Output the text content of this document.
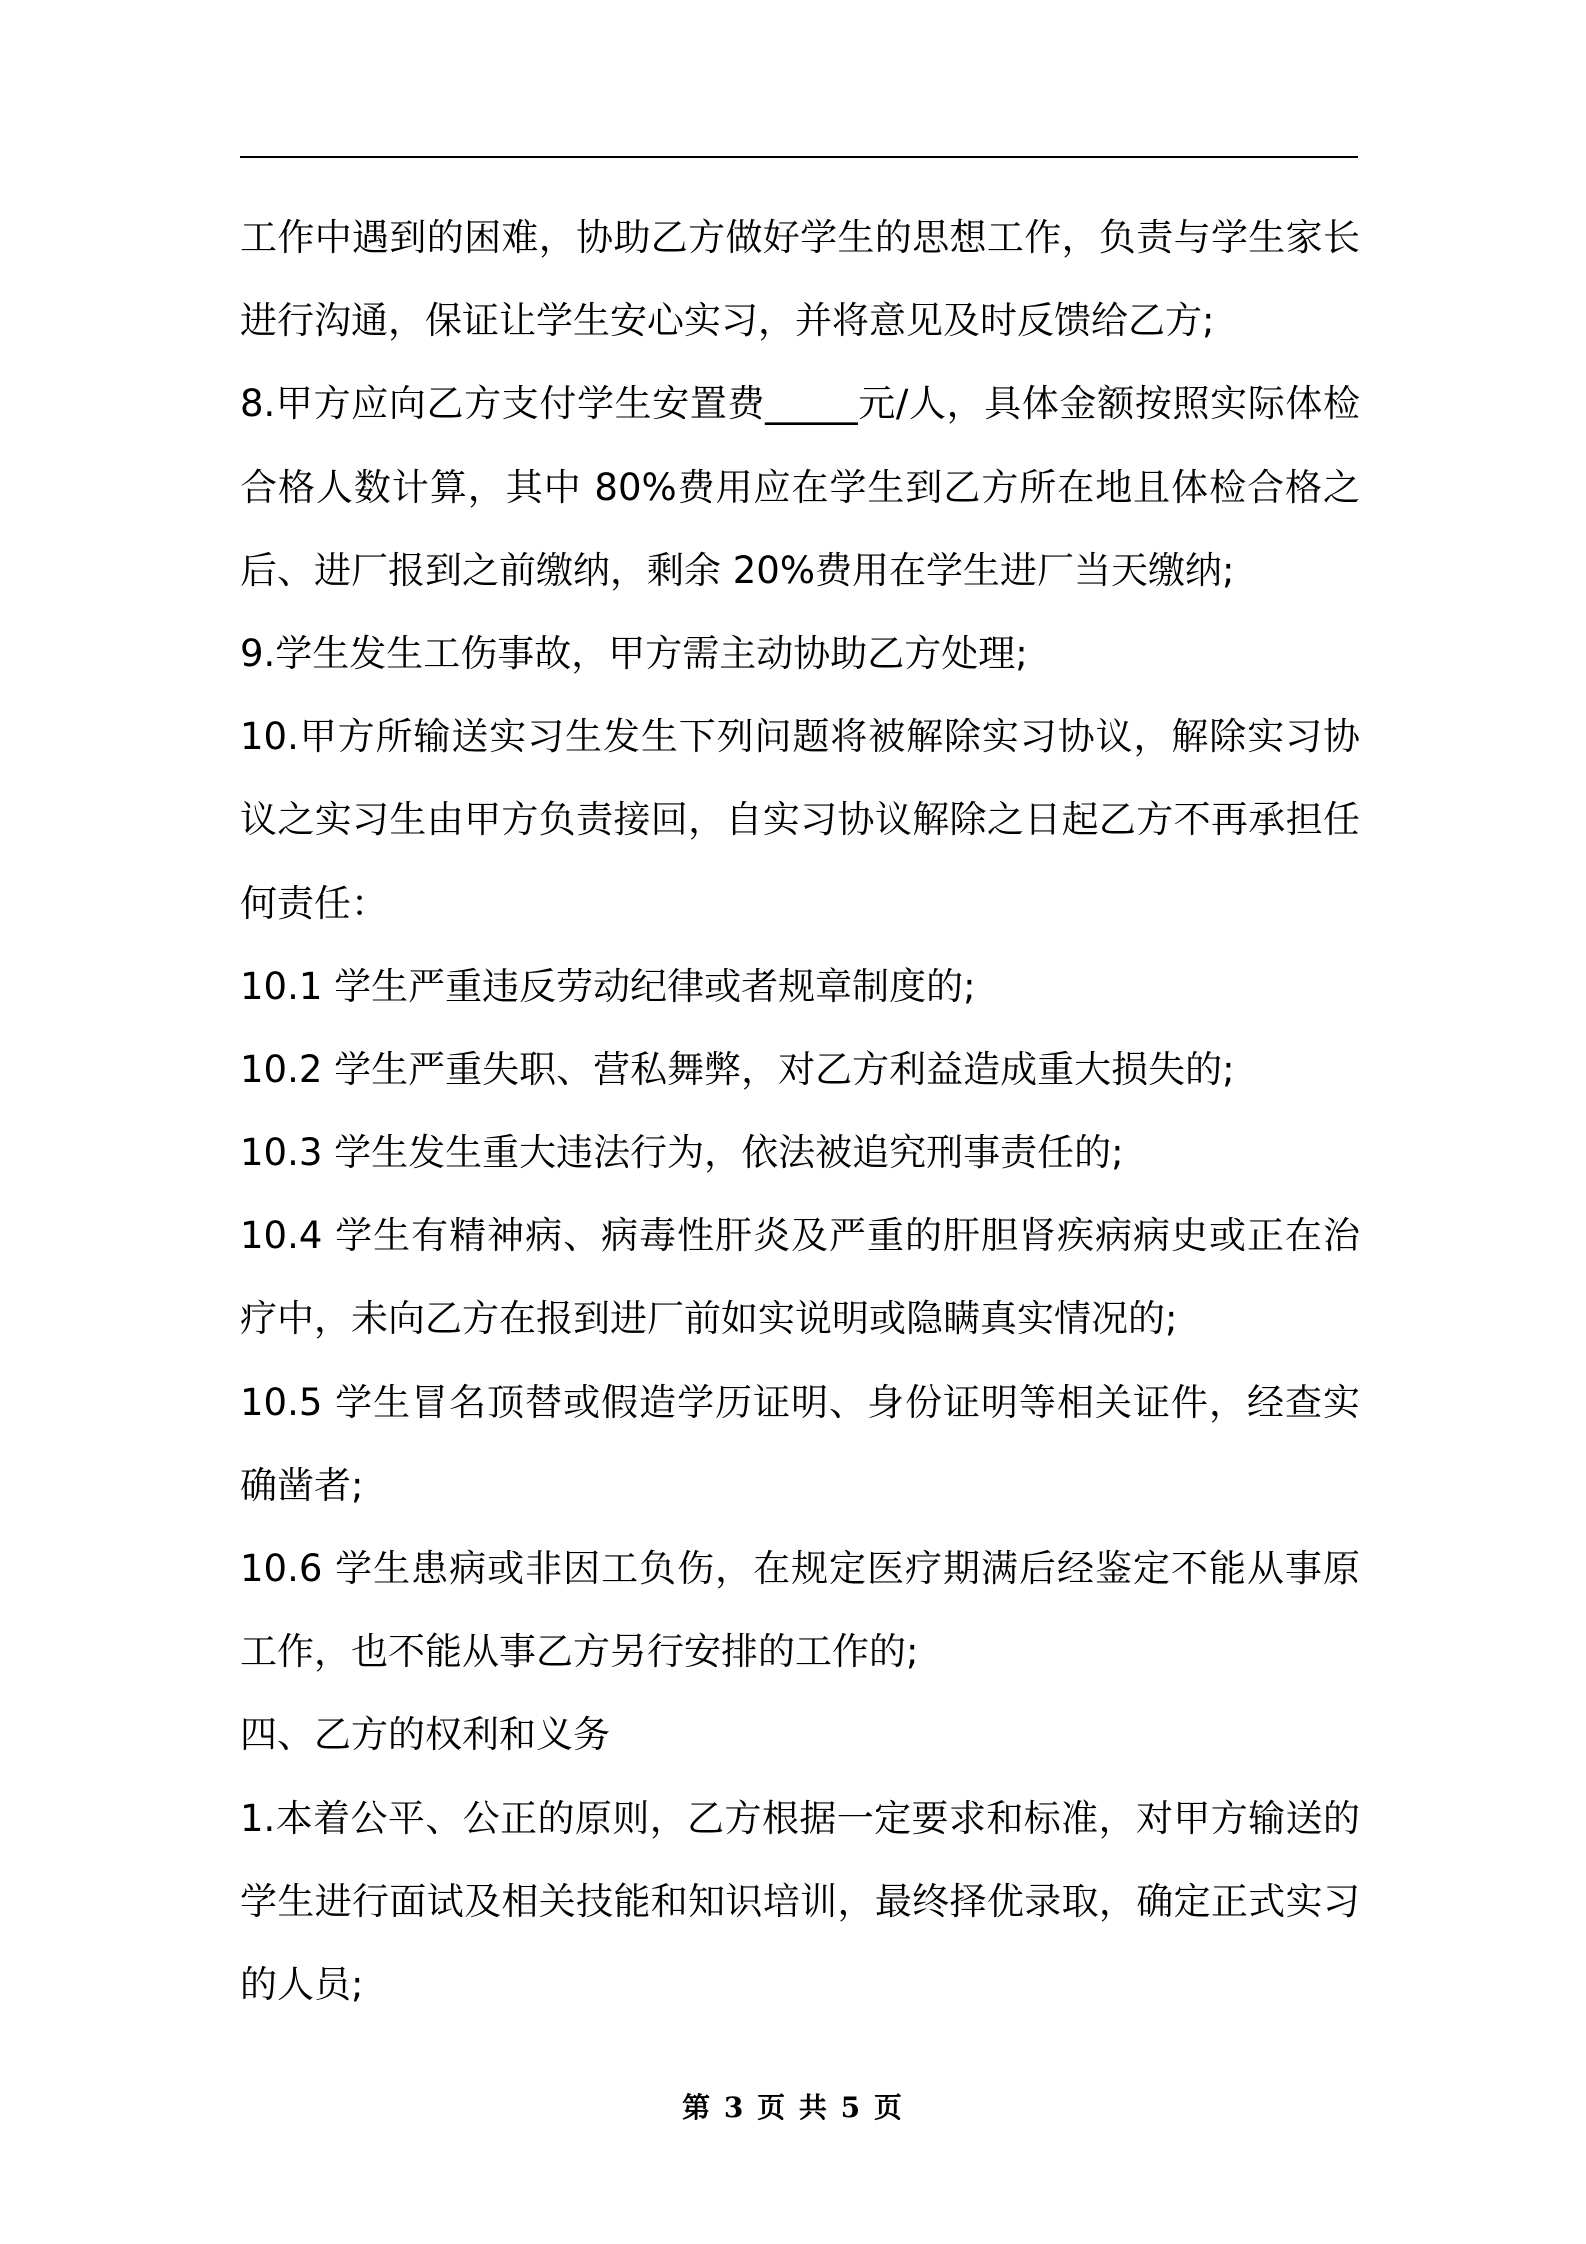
工作中遇到的困难，协助乙方做好学生的思想工作，负责与学生家长
进行沟通，保证让学生安心实习，并将意见及时反馈给乙方;
8.甲方应向乙方支付学生安置费_____元/人，具体金额按照实际体检
合格人数计算，其中 80%费用应在学生到乙方所在地且体检合格之
后、进厂报到之前缴纳，剩余 20%费用在学生进厂当天缴纳;
9.学生发生工伤事故，甲方需主动协助乙方处理;
10.甲方所输送实习生发生下列问题将被解除实习协议，解除实习协
议之实习生由甲方负责接回，自实习协议解除之日起乙方不再承担任
何责任：
10.1 学生严重违反劳动纪律或者规章制度的;
10.2 学生严重失职、营私舞弊，对乙方利益造成重大损失的;
10.3 学生发生重大违法行为，依法被追究刑事责任的;
10.4 学生有精神病、病毒性肝炎及严重的肝胆肾疾病病史或正在治
疗中，未向乙方在报到进厂前如实说明或隐瞒真实情况的;
10.5 学生冒名顶替或假造学历证明、身份证明等相关证件，经查实
确凿者;
10.6 学生患病或非因工负伤，在规定医疗期满后经鉴定不能从事原
工作，也不能从事乙方另行安排的工作的;
四、乙方的权利和义务
1.本着公平、公正的原则，乙方根据一定要求和标准，对甲方输送的
学生进行面试及相关技能和知识培训，最终择优录取，确定正式实习
的人员;
第 3 页 共 5 页
